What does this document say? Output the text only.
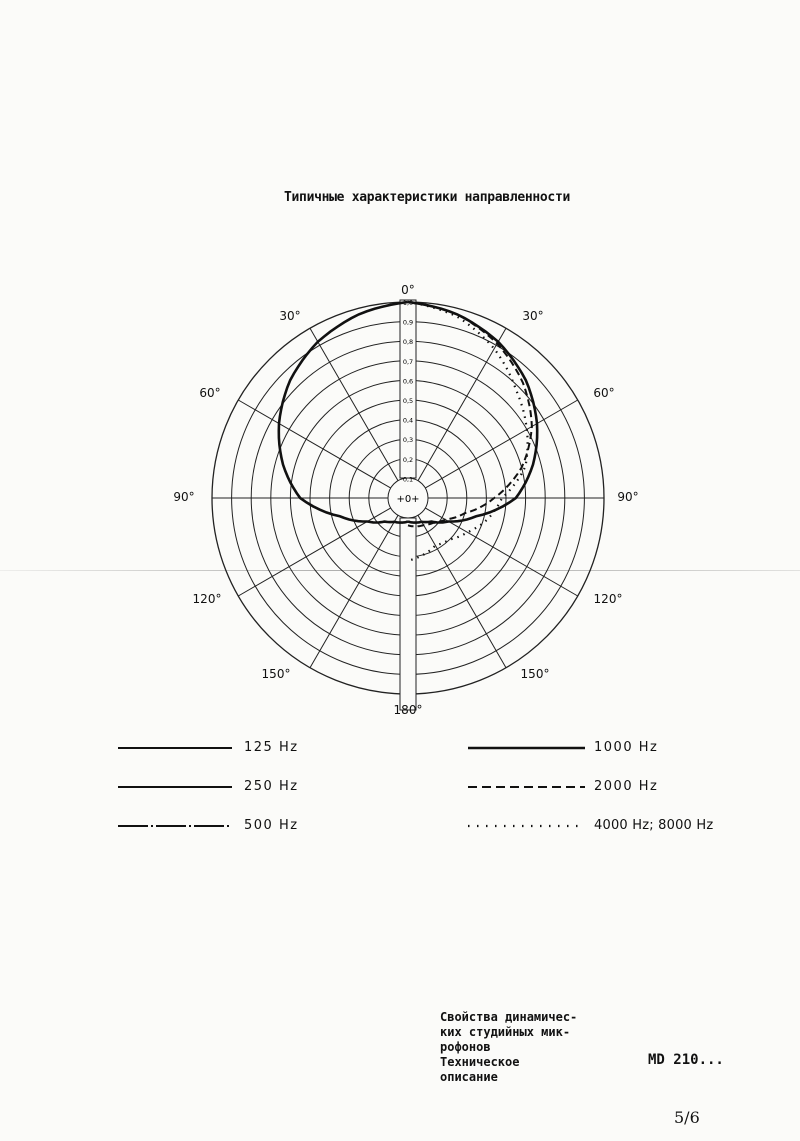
Типичные характеристики направленности
+0+
0,1
0,2
0,3
0,4
0,5
0,6
0,7
0,8
0,9
1,0
0°
30°	30°
60°	60°
90°	90°
120°	120°
150°	150°
180°
125 Hz
250 Hz
500 Hz
1000 Hz
2000 Hz
4000 Hz; 8000 Hz
Свойства динамичес-
ких студийных мик-
рофонов
Техническое
описание
MD 210...
5/6
